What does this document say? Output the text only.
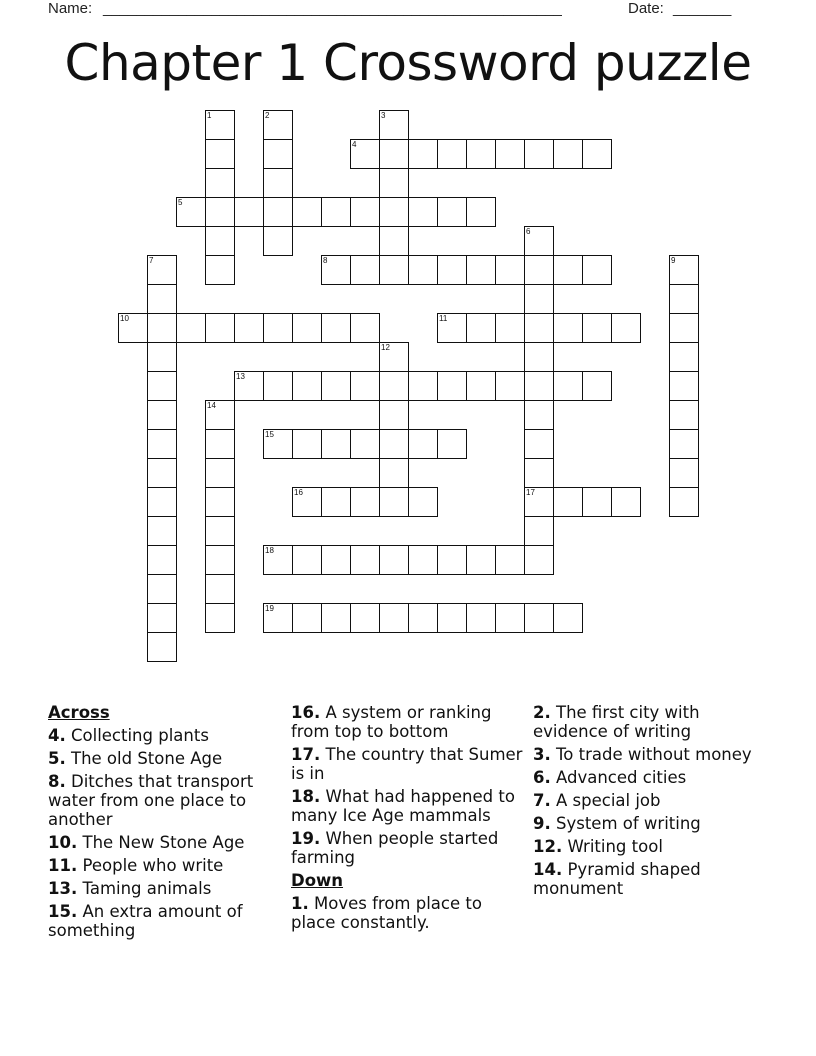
Name: _______________________________________________________	Date: _______
Chapter 1 Crossword puzzle
4
5
8
10	11
13
15
16	17
18
19
1	2	3
6
7	9
12
14
Across
4. Collecting plants
5. The old Stone Age
8. Ditches that transport water from one place to another
10. The New Stone Age
11. People who write
13. Taming animals
15. An extra amount of something
16. A system or ranking from top to bottom
17. The country that Sumer is in
18. What had happened to many Ice Age mammals
19. When people started farming
Down
1. Moves from place to place constantly.
2. The first city with evidence of writing
3. To trade without money
6. Advanced cities
7. A special job
9. System of writing
12. Writing tool
14. Pyramid shaped monument
